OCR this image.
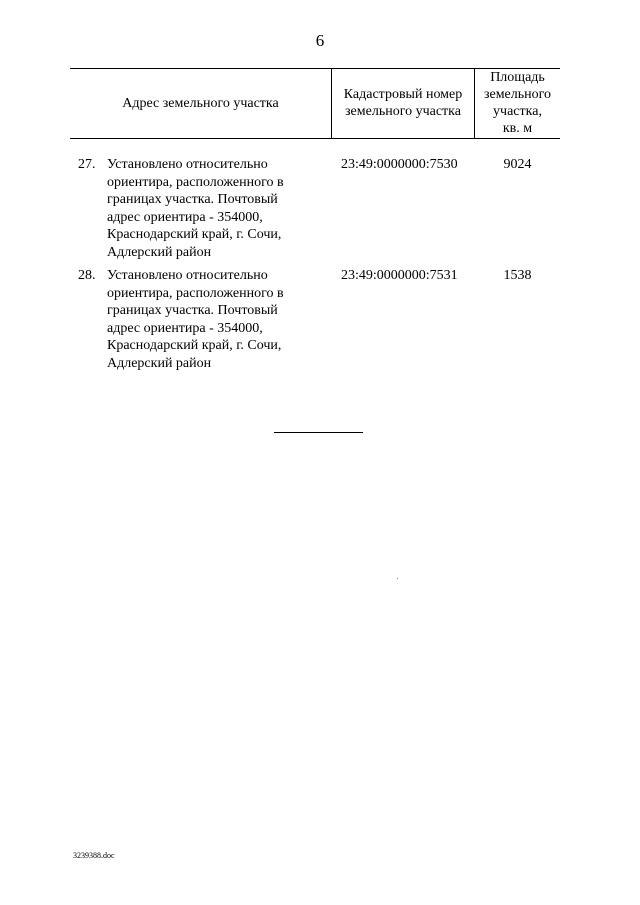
6
Адрес земельного участка
Кадастровый номер
земельного участка
Площадь
земельного
участка,
кв. м
27. Установлено относительно
ориентира, расположенного в
границах участка. Почтовый
адрес ориентира - 354000,
Краснодарский край, г. Сочи,
Адлерский район
23:49:0000000:7530	9024
28. Установлено относительно
ориентира, расположенного в
границах участка. Почтовый
адрес ориентира - 354000,
Краснодарский край, г. Сочи,
Адлерский район
23:49:0000000:7531	1538
3239388.doc
